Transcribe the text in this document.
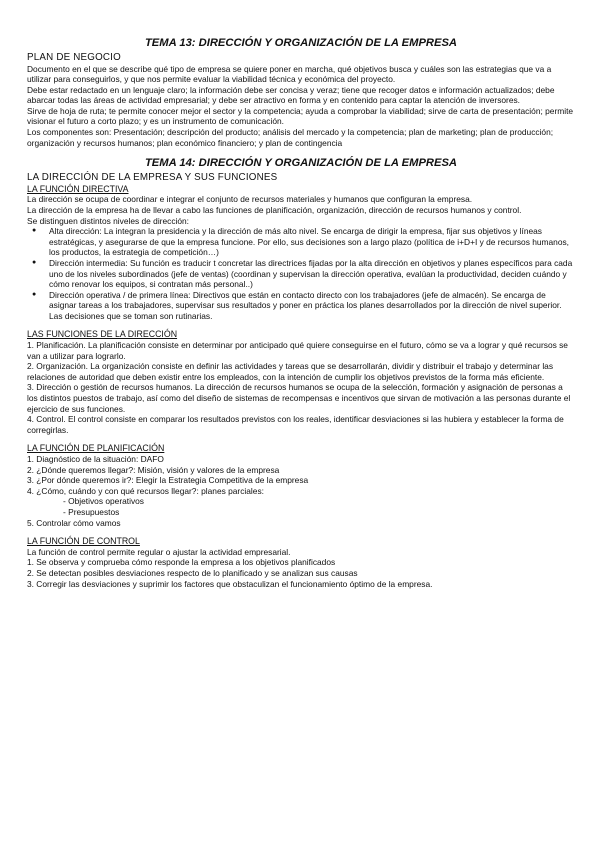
TEMA 13: DIRECCIÓN Y ORGANIZACIÓN DE LA EMPRESA
PLAN DE NEGOCIO

Documento en el que se describe qué tipo de empresa se quiere poner en marcha, qué objetivos busca y cuáles son las estrategias que va a utilizar para conseguirlos, y que nos permite evaluar la viabilidad técnica y económica del proyecto.

Debe estar redactado en un lenguaje claro; la información debe ser concisa y veraz; tiene que recoger datos e información actualizados; debe abarcar todas las áreas de actividad empresarial; y debe ser atractivo en forma y en contenido para captar la atención de inversores.

Sirve de hoja de ruta; te permite conocer mejor el sector y la competencia; ayuda a comprobar la viabilidad; sirve de carta de presentación; permite visionar el futuro a corto plazo; y es un instrumento de comunicación.

Los componentes son: Presentación; descripción del producto; análisis del mercado y la competencia; plan de marketing; plan de producción; organización y recursos humanos; plan económico financiero; y plan de contingencia

TEMA 14: DIRECCIÓN Y ORGANIZACIÓN DE LA EMPRESA
LA DIRECCIÓN DE LA EMPRESA Y SUS FUNCIONES
LA FUNCIÓN DIRECTIVA

La dirección se ocupa de coordinar e integrar el conjunto de recursos materiales y humanos que configuran la empresa.

La dirección de la empresa ha de llevar a cabo las funciones de planificación, organización, dirección de recursos humanos y control.

Se distinguen distintos niveles de dirección:

● Alta dirección: La integran la presidencia y la dirección de más alto nivel. Se encarga de dirigir la empresa, fijar sus objetivos y líneas estratégicas, y asegurarse de que la empresa funcione. Por ello, sus decisiones son a largo plazo (política de i+D+I y de recursos humanos, los productos, la estrategia de competición…)
● Dirección intermedia: Su función es traducir t concretar las directrices fijadas por la alta dirección en objetivos y planes específicos para cada uno de los niveles subordinados (jefe de ventas) (coordinan y supervisan la dirección operativa, evalúan la productividad, deciden cuándo y cómo renovar los equipos, si contratan más personal..)
● Dirección operativa / de primera línea: Directivos que están en contacto directo con los trabajadores (jefe de almacén). Se encarga de asignar tareas a los trabajadores, supervisar sus resultados y poner en práctica los planes desarrollados por la dirección de nivel superior. Las decisiones que se toman son rutinarias.
LAS FUNCIONES DE LA DIRECCIÓN

1. Planificación. La planificación consiste en determinar por anticipado qué quiere conseguirse en el futuro, cómo se va a lograr y qué recursos se van a utilizar para lograrlo.

2. Organización. La organización consiste en definir las actividades y tareas que se desarrollarán, dividir y distribuir el trabajo y determinar las relaciones de autoridad que deben existir entre los empleados, con la intención de cumplir los objetivos previstos de la forma más eficiente.

3. Dirección o gestión de recursos humanos. La dirección de recursos humanos se ocupa de la selección, formación y asignación de personas a los distintos puestos de trabajo, así como del diseño de sistemas de recompensas e incentivos que sirvan de motivación a las personas durante el ejercicio de sus funciones.

4. Control. El control consiste en comparar los resultados previstos con los reales, identificar desviaciones si las hubiera y establecer la forma de corregirlas.

LA FUNCIÓN DE PLANIFICACIÓN

1. Diagnóstico de la situación: DAFO

2. ¿Dónde queremos llegar?: Misión, visión y valores de la empresa

3. ¿Por dónde queremos ir?: Elegir la Estrategia Competitiva de la empresa

4. ¿Cómo, cuándo y con qué recursos llegar?: planes parciales:

- Objetivos operativos

- Presupuestos

5. Controlar cómo vamos

LA FUNCIÓN DE CONTROL

La función de control permite regular o ajustar la actividad empresarial.

1. Se observa y comprueba cómo responde la empresa a los objetivos planificados

2. Se detectan posibles desviaciones respecto de lo planificado y se analizan sus causas

3. Corregir las desviaciones y suprimir los factores que obstaculizan el funcionamiento óptimo de la empresa.
